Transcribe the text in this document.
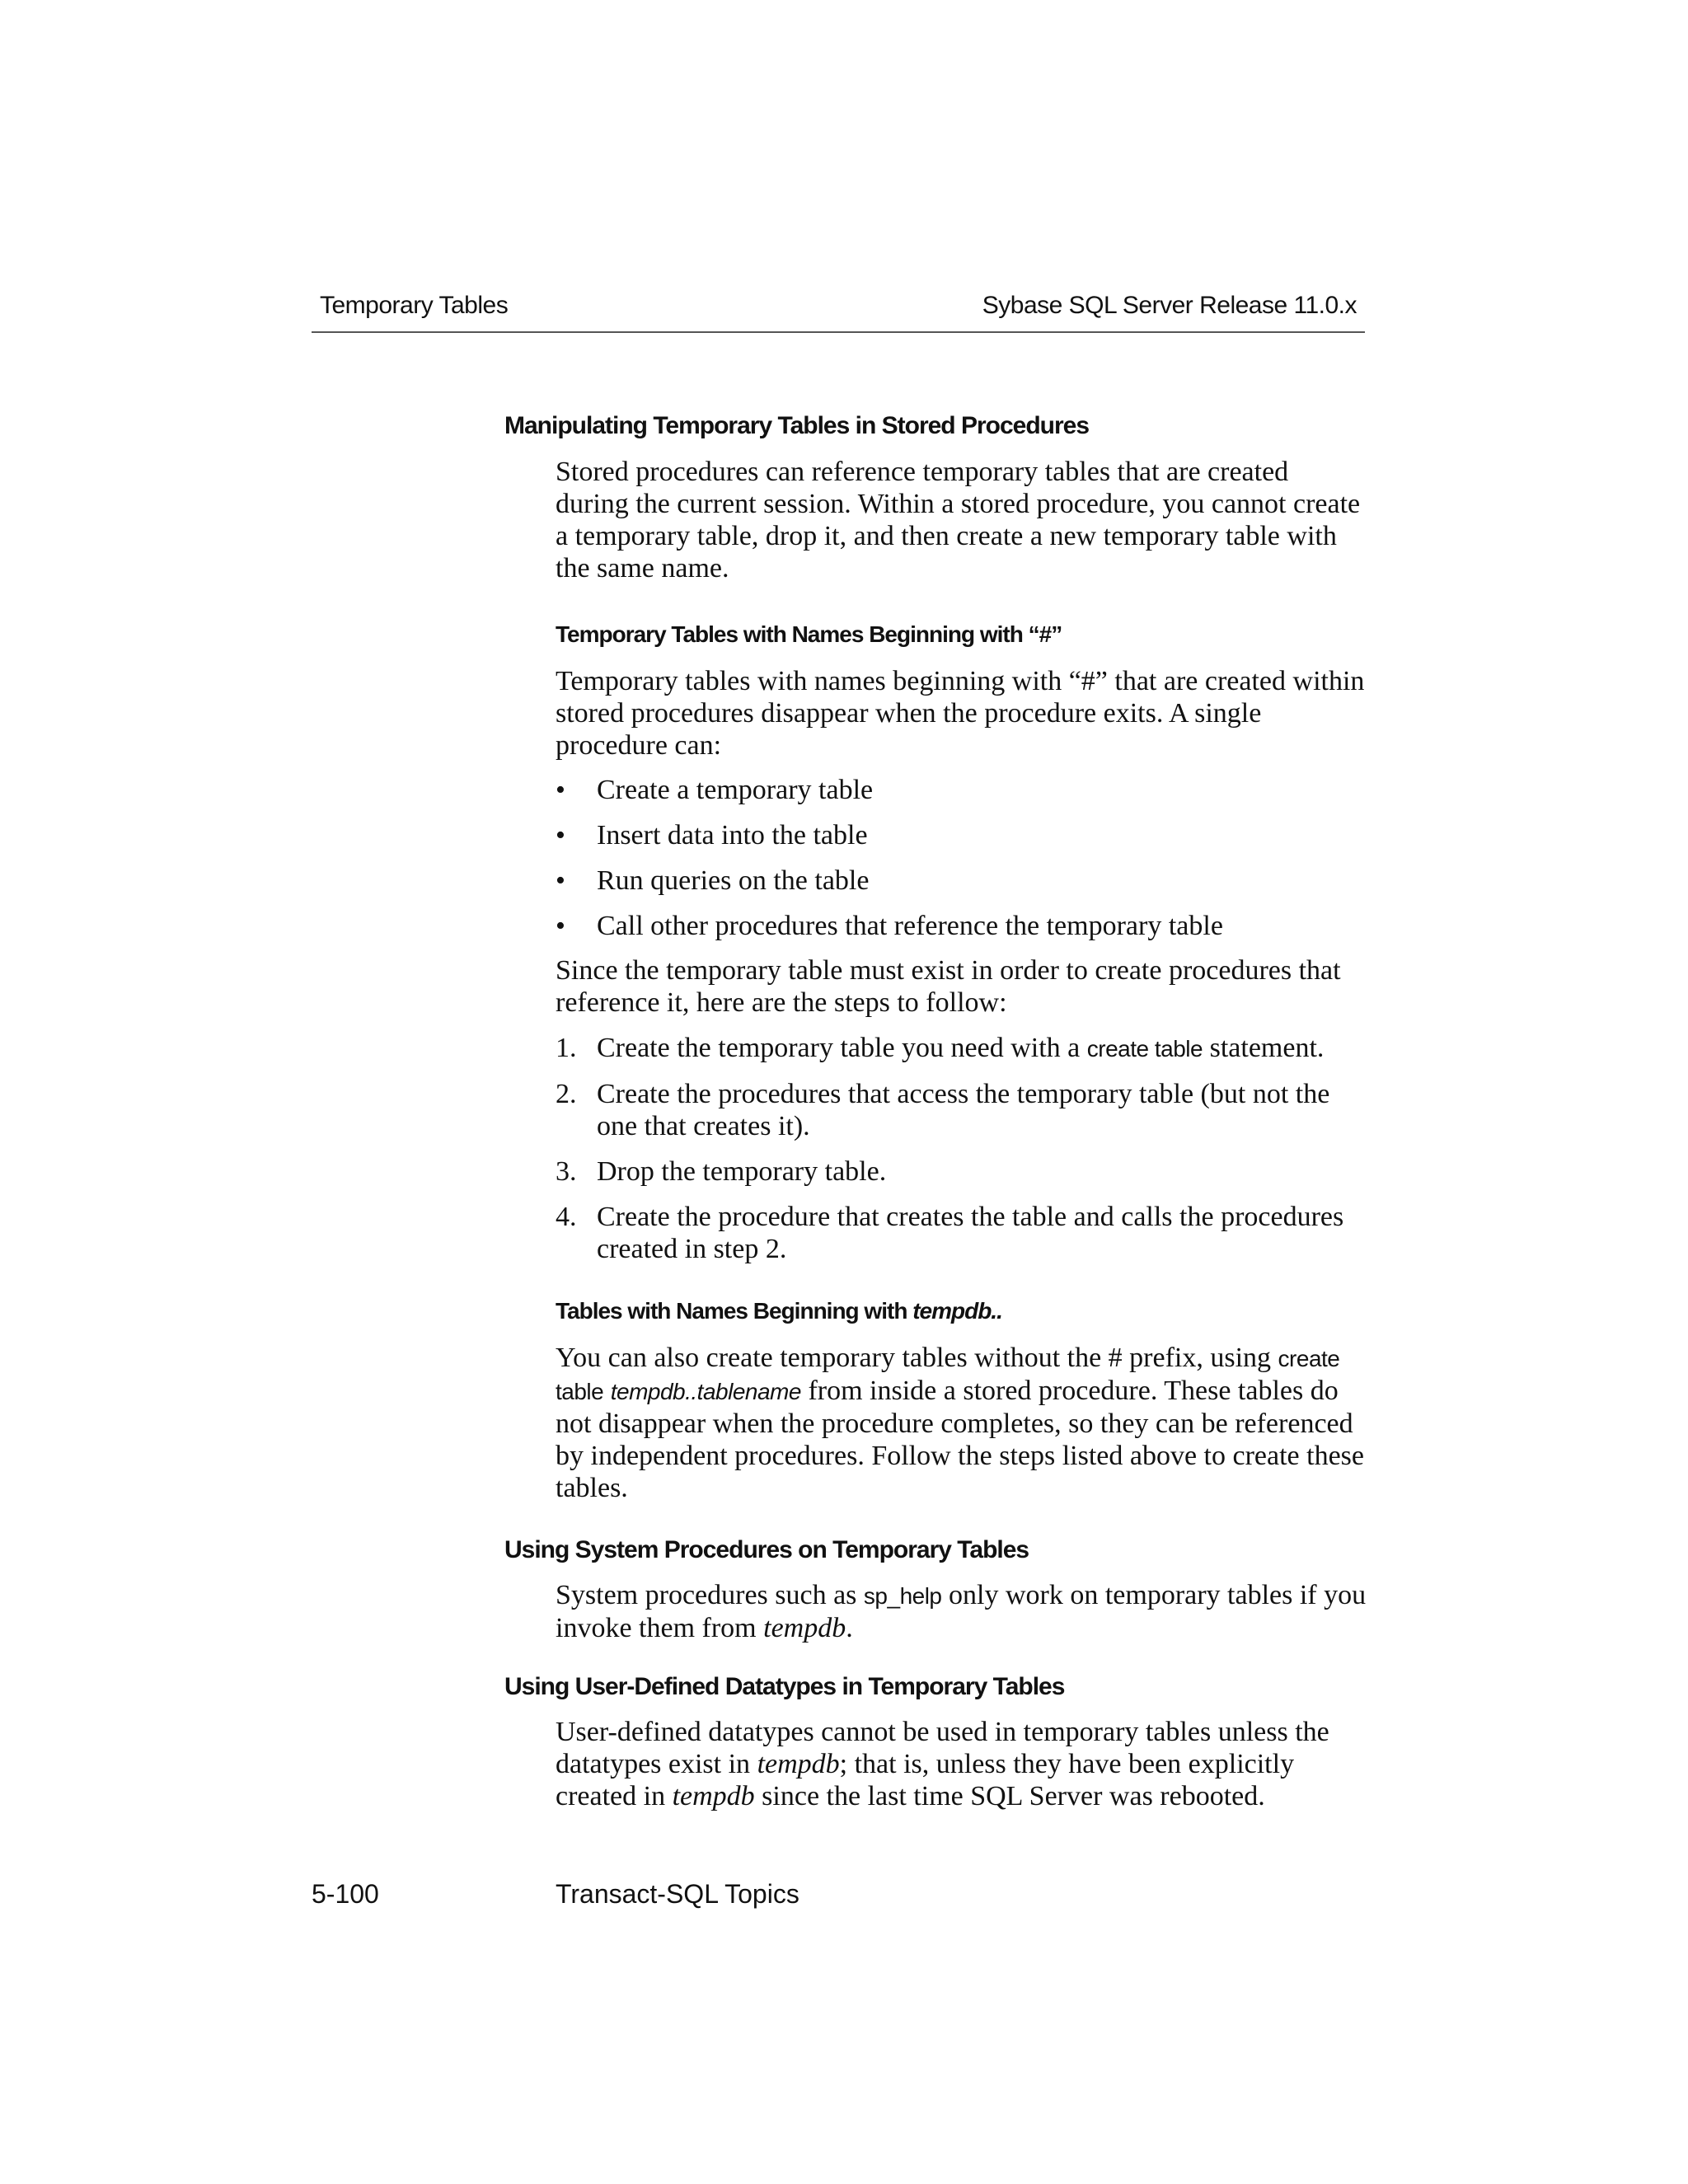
Temporary Tables	Sybase SQL Server Release 11.0.x
Manipulating Temporary Tables in Stored Procedures

Stored procedures can reference temporary tables that are created during the current session. Within a stored procedure, you cannot create a temporary table, drop it, and then create a new temporary table with the same name.

Temporary Tables with Names Beginning with “#”

Temporary tables with names beginning with “#” that are created within stored procedures disappear when the procedure exits. A single procedure can:

•	Create a temporary table
•	Insert data into the table
•	Run queries on the table
•	Call other procedures that reference the temporary table

Since the temporary table must exist in order to create procedures that reference it, here are the steps to follow:

1. Create the temporary table you need with a create table statement.
2. Create the procedures that access the temporary table (but not the one that creates it).
3. Drop the temporary table.
4. Create the procedure that creates the table and calls the procedures created in step 2.
Tables with Names Beginning with tempdb..

You can also create temporary tables without the # prefix, using create table tempdb..tablename from inside a stored procedure. These tables do not disappear when the procedure completes, so they can be referenced by independent procedures. Follow the steps listed above to create these tables.

Using System Procedures on Temporary Tables

System procedures such as sp_help only work on temporary tables if you invoke them from tempdb.

Using User-Defined Datatypes in Temporary Tables

User-defined datatypes cannot be used in temporary tables unless the datatypes exist in tempdb; that is, unless they have been explicitly created in tempdb since the last time SQL Server was rebooted.

5-100	Transact-SQL Topics
